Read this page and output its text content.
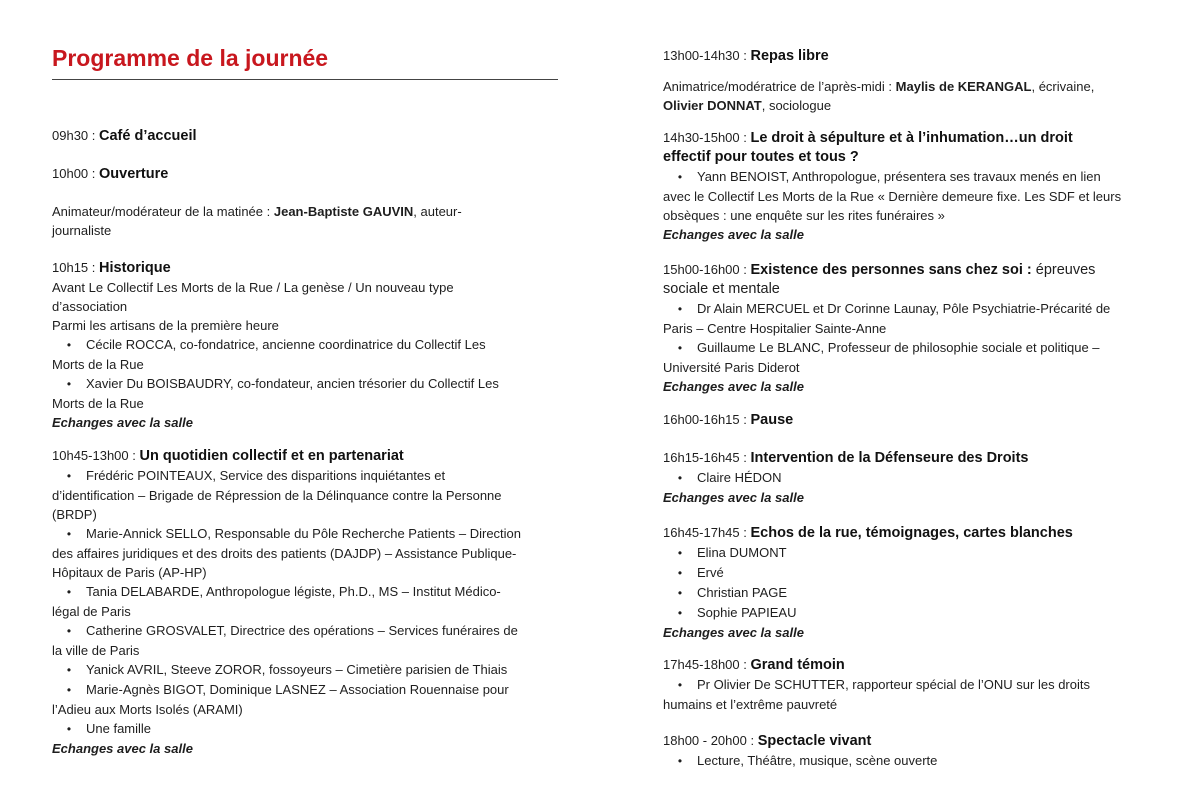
Programme de la journée

09h30 : Café d’accueil

10h00 : Ouverture

Animateur/modérateur de la matinée : Jean-Baptiste GAUVIN, auteur-

journaliste

10h15 : Historique

Avant Le Collectif Les Morts de la Rue / La genèse / Un nouveau type

d’association

Parmi les artisans de la première heure

•Cécile ROCCA, co-fondatrice, ancienne coordinatrice du Collectif Les
Morts de la Rue
•Xavier Du BOISBAUDRY, co-fondateur, ancien trésorier du Collectif Les
Morts de la Rue

Echanges avec la salle

10h45-13h00 : Un quotidien collectif et en partenariat

•Frédéric POINTEAUX, Service des disparitions inquiétantes et
d’identification – Brigade de Répression de la Délinquance contre la Personne
(BRDP)
•Marie-Annick SELLO, Responsable du Pôle Recherche Patients – Direction
des affaires juridiques et des droits des patients (DAJDP) – Assistance Publique-
Hôpitaux de Paris (AP-HP)
•Tania DELABARDE, Anthropologue légiste, Ph.D., MS – Institut Médico-
légal de Paris
•Catherine GROSVALET, Directrice des opérations – Services funéraires de
la ville de Paris
•Yanick AVRIL, Steeve ZOROR, fossoyeurs – Cimetière parisien de Thiais
•Marie-Agnès BIGOT, Dominique LASNEZ – Association Rouennaise pour
l’Adieu aux Morts Isolés (ARAMI)
•Une famille

Echanges avec la salle

13h00-14h30 : Repas libre

Animatrice/modératrice de l’après-midi : Maylis de KERANGAL, écrivaine,

Olivier DONNAT, sociologue

14h30-15h00 : Le droit à sépulture et à l’inhumation…un droit

effectif pour toutes et tous ?

•Yann BENOIST, Anthropologue, présentera ses travaux menés en lien
avec le Collectif Les Morts de la Rue « Dernière demeure fixe. Les SDF et leurs
obsèques : une enquête sur les rites funéraires »

Echanges avec la salle

15h00-16h00 : Existence des personnes sans chez soi : épreuves

sociale et mentale

•Dr Alain MERCUEL et Dr Corinne Launay, Pôle Psychiatrie-Précarité de
Paris – Centre Hospitalier Sainte-Anne
•Guillaume Le BLANC, Professeur de philosophie sociale et politique –
Université Paris Diderot

Echanges avec la salle

16h00-16h15 : Pause

16h15-16h45 : Intervention de la Défenseure des Droits

•Claire HÉDON

Echanges avec la salle

16h45-17h45 : Echos de la rue, témoignages, cartes blanches

•Elina DUMONT
•Ervé
•Christian PAGE
•Sophie PAPIEAU

Echanges avec la salle

17h45-18h00 : Grand témoin

•Pr Olivier De SCHUTTER, rapporteur spécial de l’ONU sur les droits
humains et l’extrême pauvreté

18h00 - 20h00 : Spectacle vivant

•Lecture, Théâtre, musique, scène ouverte
